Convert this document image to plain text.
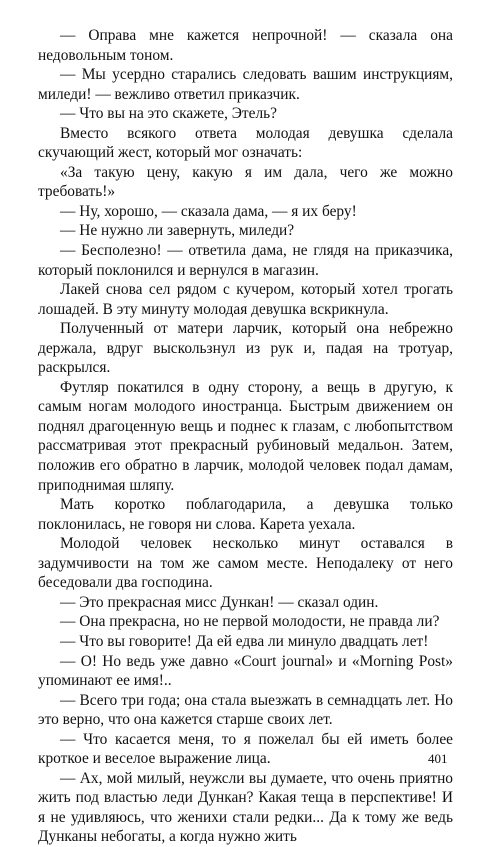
— Оправа мне кажется непрочной! — сказала она недовольным тоном.

— Мы усердно старались следовать вашим инструкциям, миледи! — вежливо ответил приказчик.

— Что вы на это скажете, Этель?

Вместо всякого ответа молодая девушка сделала скучающий жест, который мог означать:

«За такую цену, какую я им дала, чего же можно требовать!»

— Ну, хорошо, — сказала дама, — я их беру!

— Не нужно ли завернуть, миледи?

— Бесполезно! — ответила дама, не глядя на приказчика, который поклонился и вернулся в магазин.

Лакей снова сел рядом с кучером, который хотел трогать лошадей. В эту минуту молодая девушка вскрикнула.

Полученный от матери ларчик, который она небрежно держала, вдруг выскользнул из рук и, падая на тротуар, раскрылся.

Футляр покатился в одну сторону, а вещь в другую, к самым ногам молодого иностранца. Быстрым движением он поднял драгоценную вещь и поднес к глазам, с любопытством рассматривая этот прекрасный рубиновый медальон. Затем, положив его обратно в ларчик, молодой человек подал дамам, приподнимая шляпу.

Мать коротко поблагодарила, а девушка только поклонилась, не говоря ни слова. Карета уехала.

Молодой человек несколько минут оставался в задумчивости на том же самом месте. Неподалеку от него беседовали два господина.

— Это прекрасная мисс Дункан! — сказал один.

— Она прекрасна, но не первой молодости, не правда ли?

— Что вы говорите! Да ей едва ли минуло двадцать лет!

— О! Но ведь уже давно «Court journal» и «Morning Post» упоминают ее имя!..

— Всего три года; она стала выезжать в семнадцать лет. Но это верно, что она кажется старше своих лет.

— Что касается меня, то я пожелал бы ей иметь более кроткое и веселое выражение лица.

— Ах, мой милый, неужсли вы думаете, что очень приятно жить под властью леди Дункан? Какая теща в перспективе! И я не удивляюсь, что женихи стали редки... Да к тому же ведь Дунканы небогаты, а когда нужно жить

401
